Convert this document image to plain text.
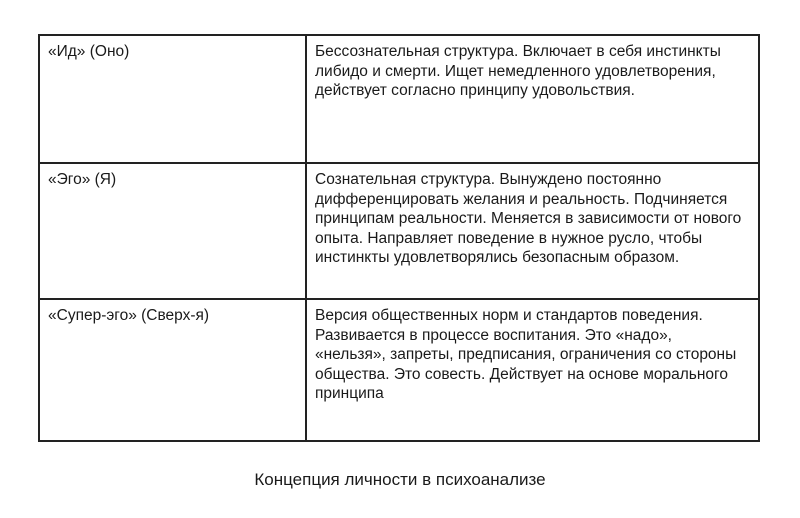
«Ид» (Оно)	Бессознательная структура. Включает в себя инстинкты либидо и смерти. Ищет немедленного удовлетворения, действует согласно принципу удовольствия.
«Эго» (Я)	Сознательная структура. Вынуждено постоянно дифференцировать желания и реальность. Подчиняется принципам реальности. Меняется в зависимости от нового опыта. Направляет поведение в нужное русло, чтобы инстинкты удовлетворялись безопасным образом.
«Супер-эго» (Сверх-я)	Версия общественных норм и стандартов поведения. Развивается в процессе воспитания. Это «надо», «нельзя», запреты, предписания, ограничения со стороны общества. Это совесть. Действует на основе морального принципа
Концепция личности в психоанализе
